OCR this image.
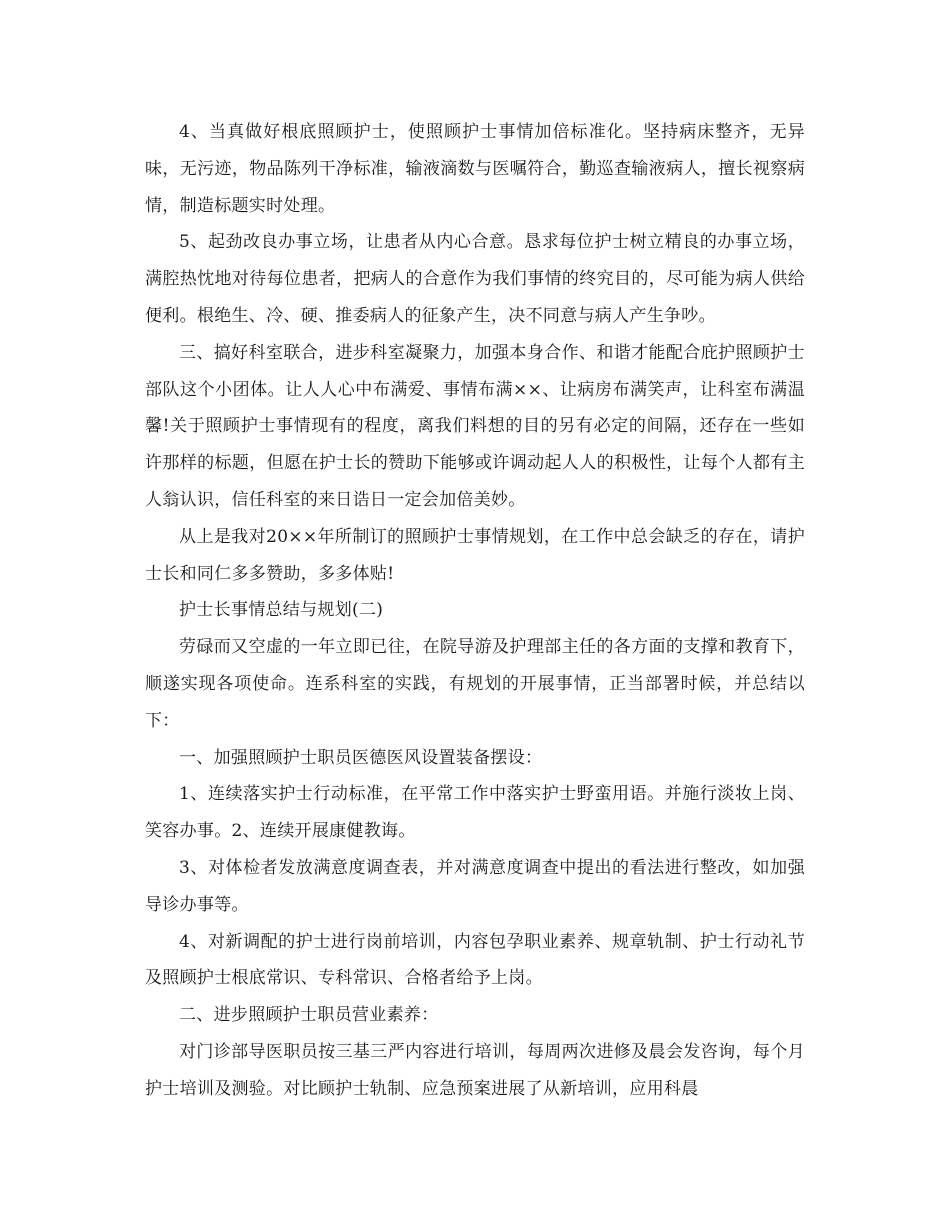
4、当真做好根底照顾护士，使照顾护士事情加倍标准化。坚持病床整齐，无异味，无污迹，物品陈列干净标准，输液滴数与医嘱符合，勤巡查输液病人，擅长视察病情，制造标题实时处理。

5、起劲改良办事立场，让患者从内心合意。恳求每位护士树立精良的办事立场，满腔热忱地对待每位患者，把病人的合意作为我们事情的终究目的，尽可能为病人供给便利。根绝生、冷、硬、推委病人的征象产生，决不同意与病人产生争吵。

三、搞好科室联合，进步科室凝聚力，加强本身合作、和谐才能配合庇护照顾护士部队这个小团体。让人人心中布满爱、事情布满××、让病房布满笑声，让科室布满温馨!关于照顾护士事情现有的程度，离我们料想的目的另有必定的间隔，还存在一些如许那样的标题，但愿在护士长的赞助下能够或许调动起人人的积极性，让每个人都有主人翁认识，信任科室的来日诰日一定会加倍美妙。

从上是我对20××年所制订的照顾护士事情规划，在工作中总会缺乏的存在，请护士长和同仁多多赞助，多多体贴!

护士长事情总结与规划(二)

劳碌而又空虚的一年立即已往，在院导游及护理部主任的各方面的支撑和教育下，顺遂实现各项使命。连系科室的实践，有规划的开展事情，正当部署时候，并总结以下：

一、加强照顾护士职员医德医风设置装备摆设：

1、连续落实护士行动标准，在平常工作中落实护士野蛮用语。并施行淡妆上岗、笑容办事。2、连续开展康健教诲。

3、对体检者发放满意度调查表，并对满意度调查中提出的看法进行整改，如加强导诊办事等。

4、对新调配的护士进行岗前培训，内容包孕职业素养、规章轨制、护士行动礼节及照顾护士根底常识、专科常识、合格者给予上岗。

二、进步照顾护士职员营业素养：

对门诊部导医职员按三基三严内容进行培训，每周两次进修及晨会发咨询，每个月护士培训及测验。对比顾护士轨制、应急预案进展了从新培训，应用科晨
